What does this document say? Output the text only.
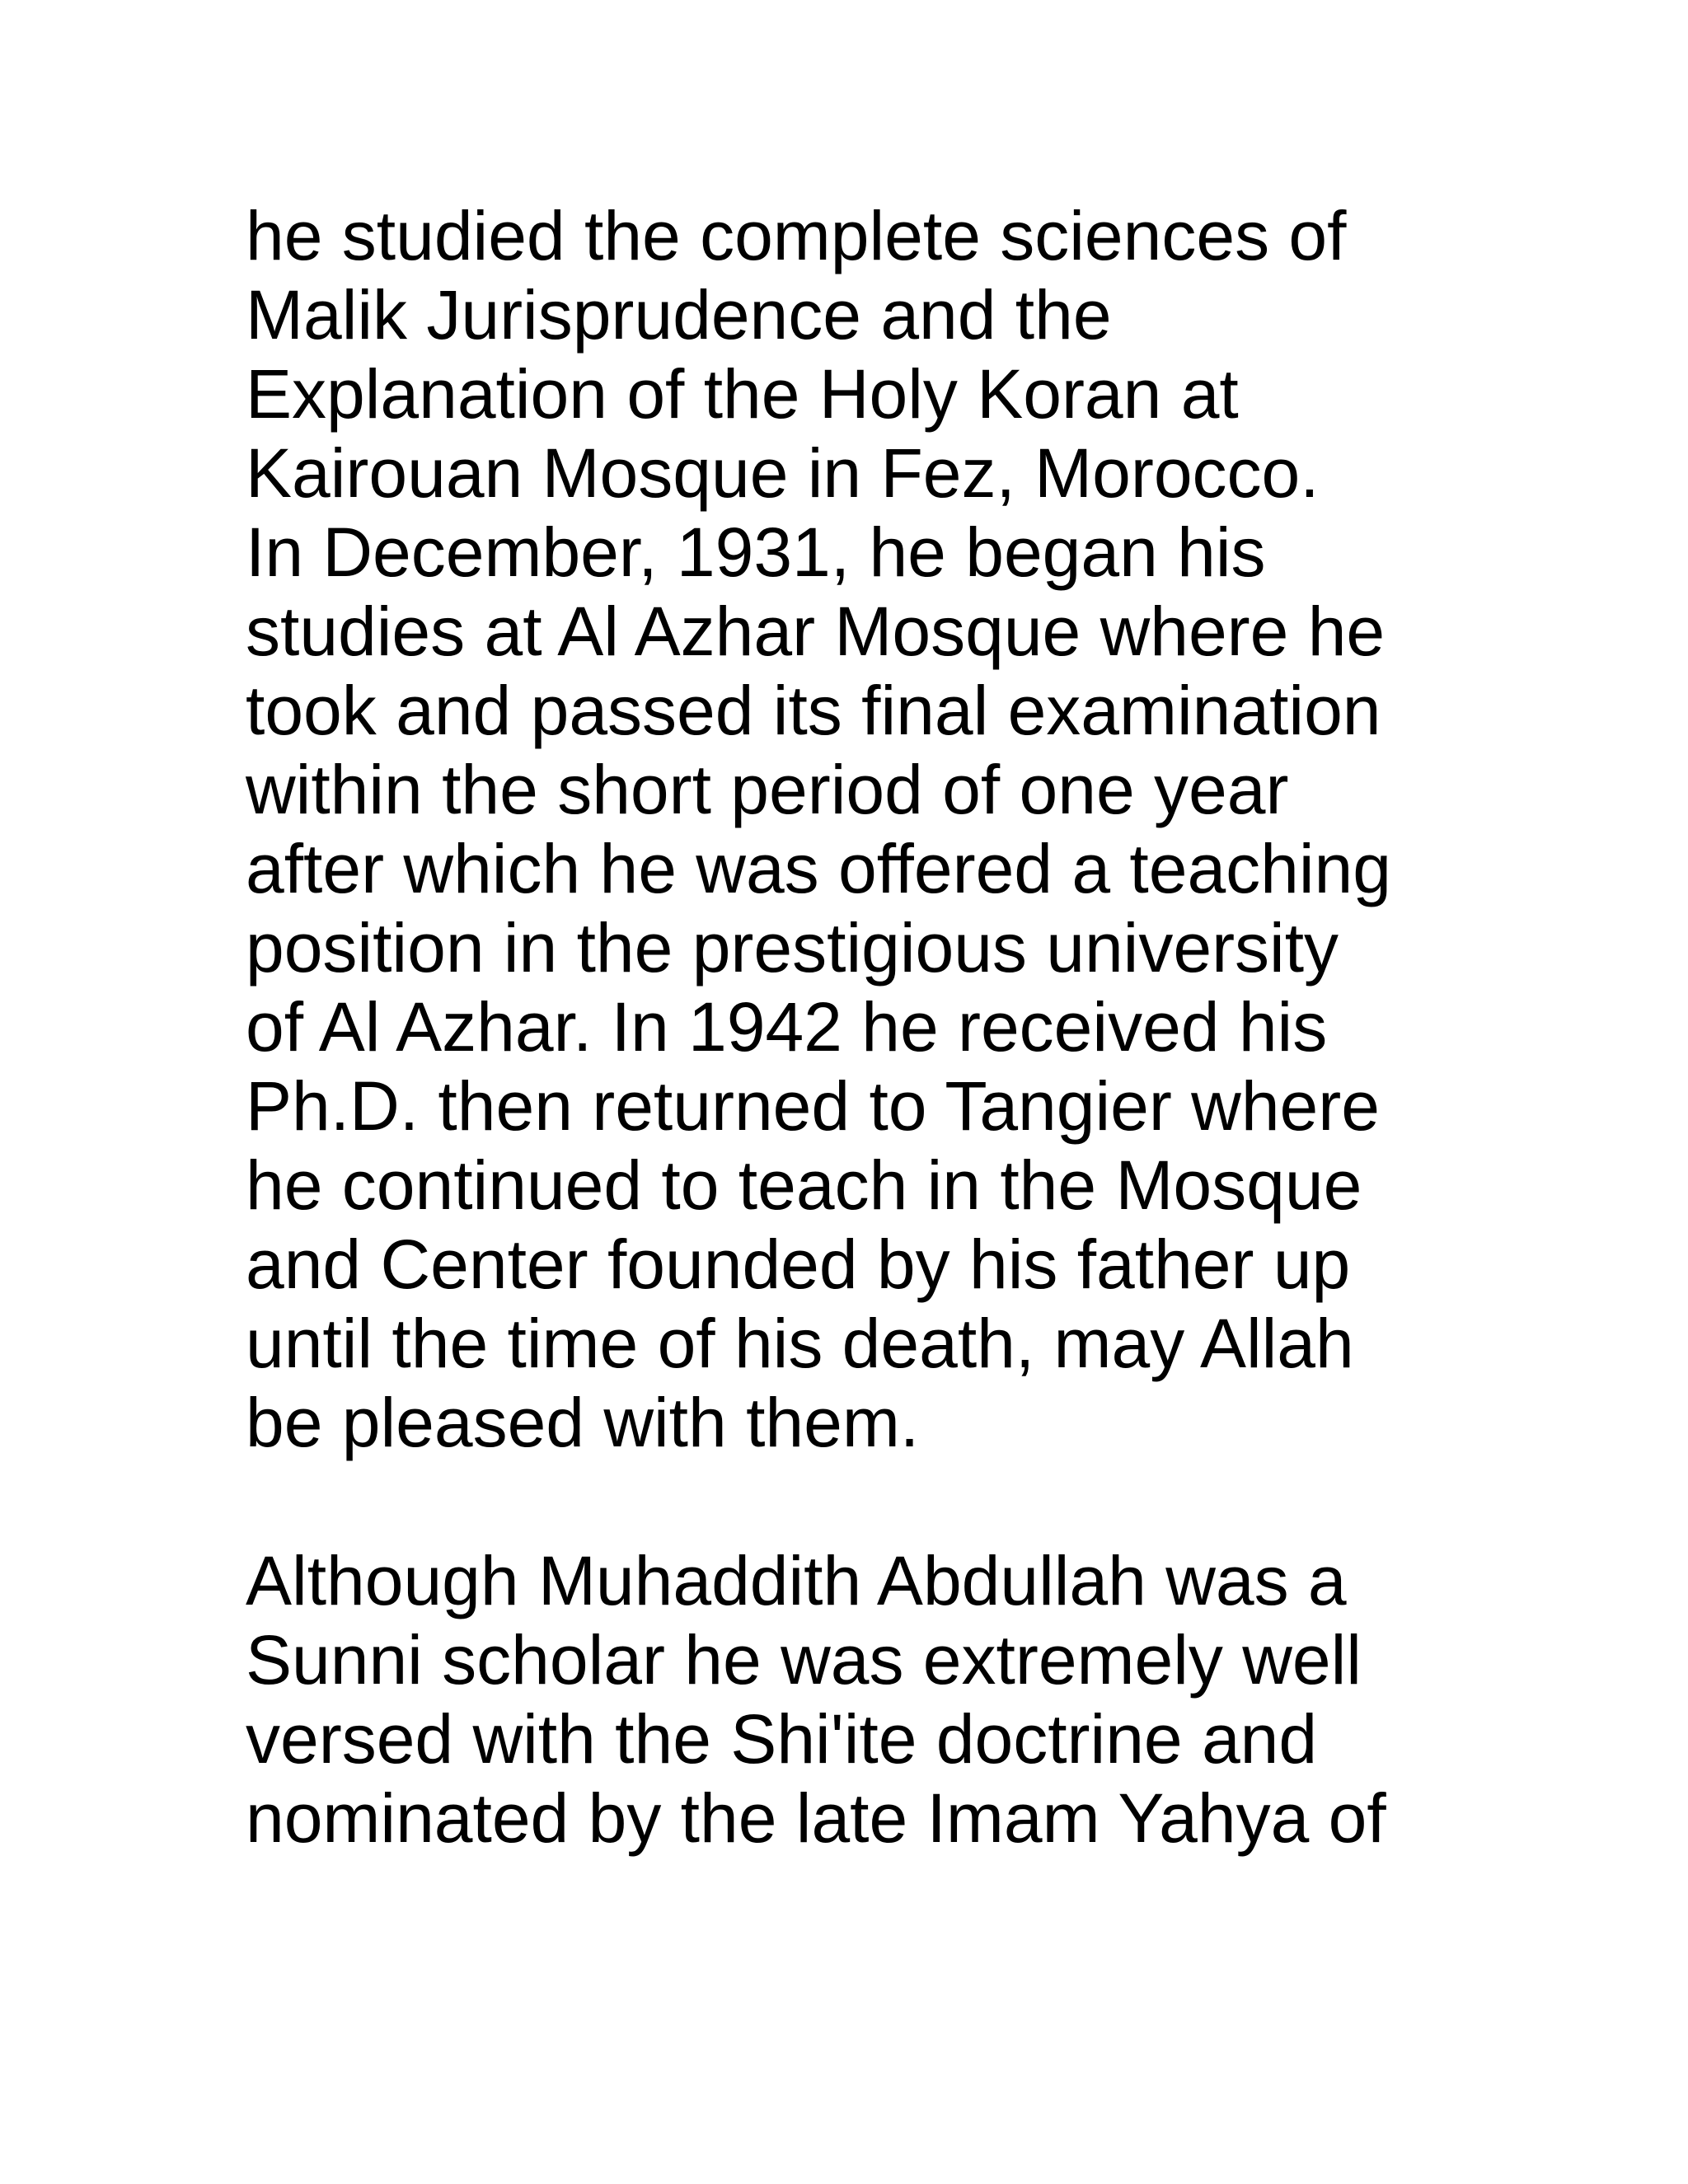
he studied the complete sciences of
Malik Jurisprudence and the
Explanation of the Holy Koran at
Kairouan Mosque in Fez, Morocco.
In December, 1931, he began his
studies at Al Azhar Mosque where he
took and passed its final examination
within the short period of one year
after which he was offered a teaching
position in the prestigious university
of Al Azhar. In 1942 he received his
Ph.D. then returned to Tangier where
he continued to teach in the Mosque
and Center founded by his father up
until the time of his death, may Allah
be pleased with them.
Although Muhaddith Abdullah was a
Sunni scholar he was extremely well
versed with the Shi'ite doctrine and
nominated by the late Imam Yahya of
